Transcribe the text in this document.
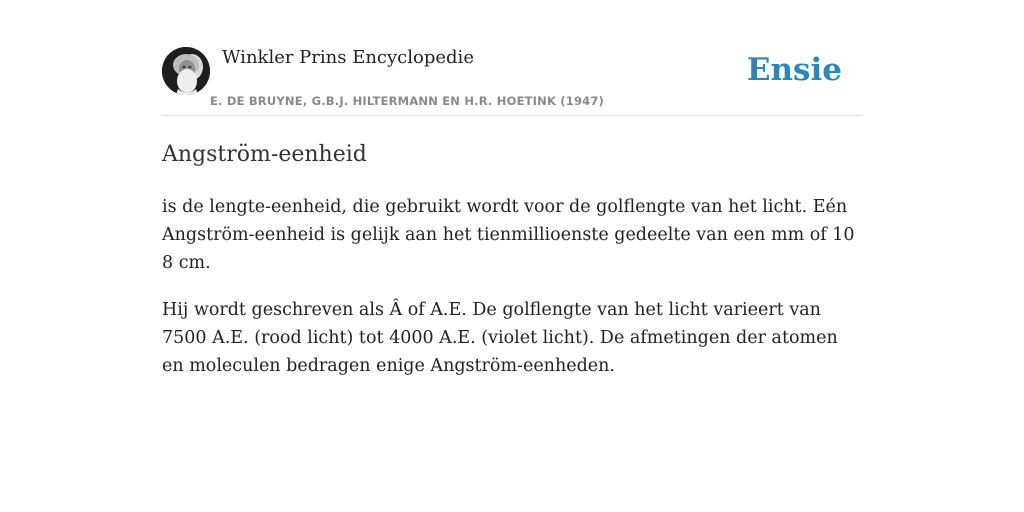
Winkler Prins Encyclopedie
E. DE BRUYNE, G.B.J. HILTERMANN EN H.R. HOETINK (1947)
Ensie
Angström-eenheid

is de lengte-eenheid, die gebruikt wordt voor de golflengte van het licht. Eén Angström-eenheid is gelijk aan het tienmillioenste gedeelte van een mm of 10 8 cm.

Hij wordt geschreven als Â of A.E. De golflengte van het licht varieert van 7500 A.E. (rood licht) tot 4000 A.E. (violet licht). De afmetingen der atomen en moleculen bedragen enige Angström-eenheden.
